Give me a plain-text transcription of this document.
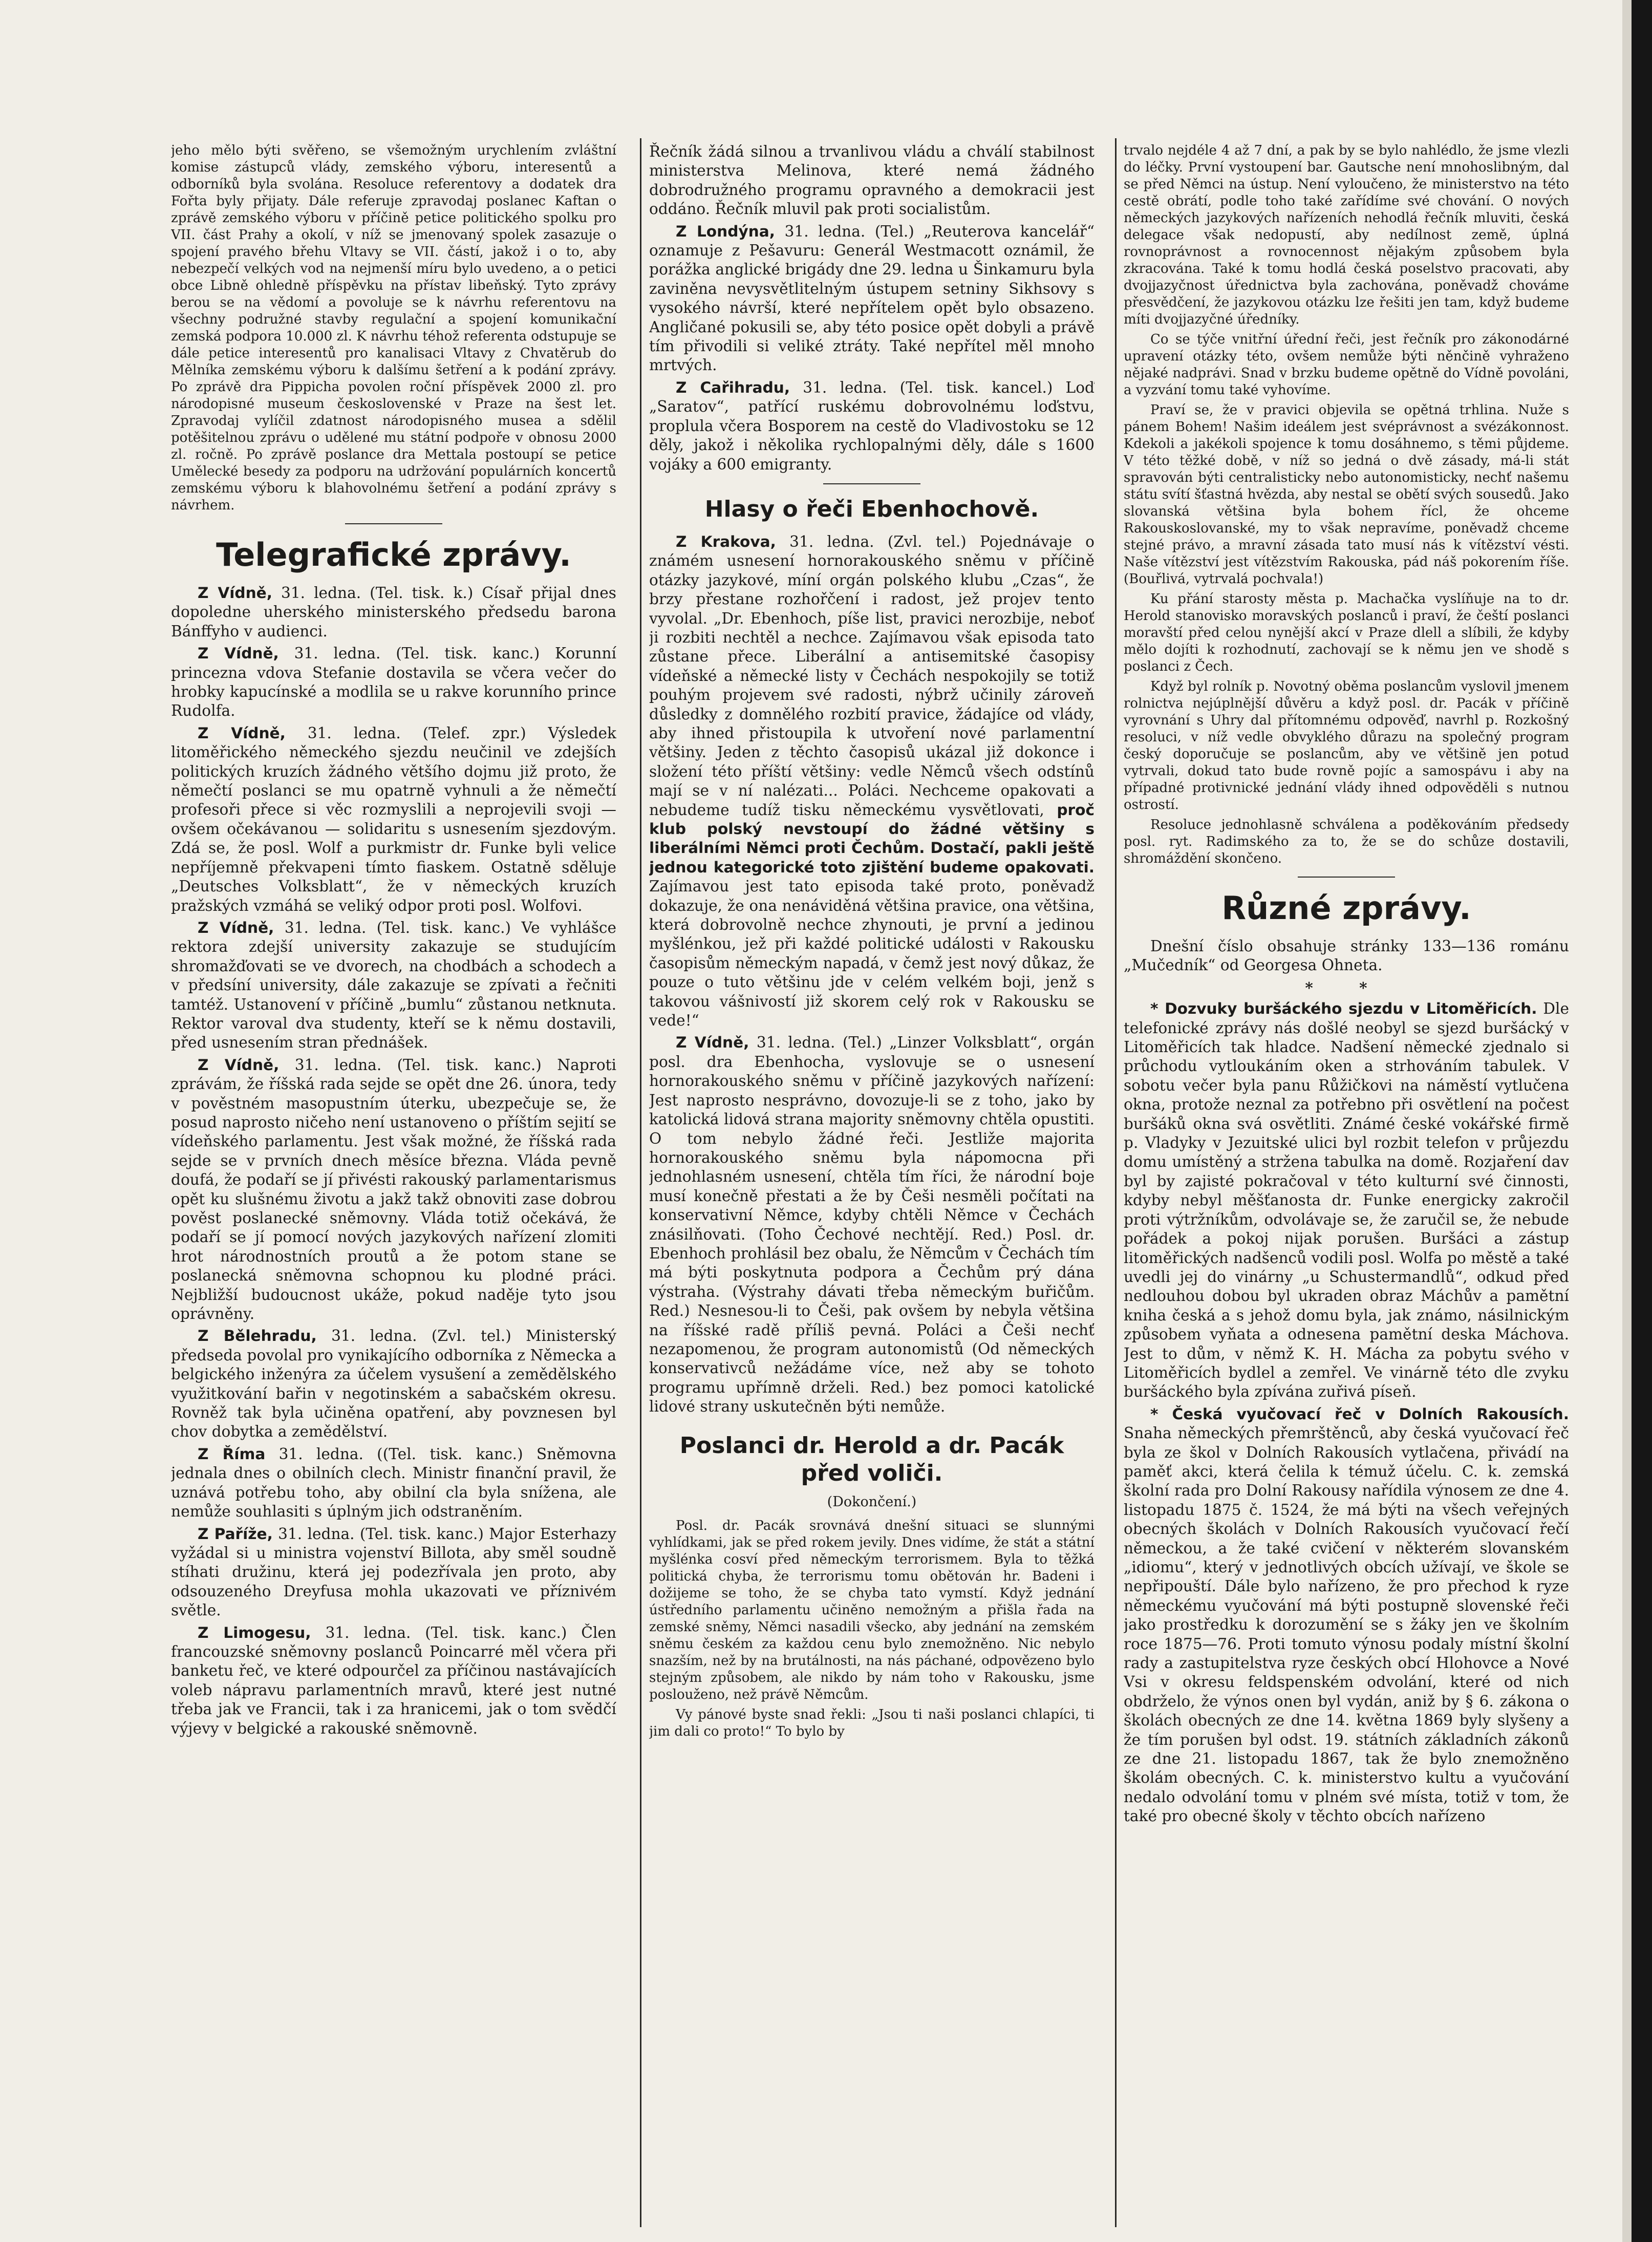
jeho mělo býti svěřeno, se všemožným urychlením zvláštní komise zástupců vlády, zemského výboru, interesentů a odborníků byla svolána. Resoluce referentovy a dodatek dra Fořta byly přijaty. Dále referuje zpravodaj poslanec Kaftan o zprávě zemského výboru v příčině petice politického spolku pro VII. část Prahy a okolí, v níž se jmenovaný spolek zasazuje o spojení pravého břehu Vltavy se VII. částí, jakož i o to, aby nebezpečí velkých vod na nejmenší míru bylo uvedeno, a o petici obce Libně ohledně příspěvku na přístav libeňský. Tyto zprávy berou se na vědomí a povoluje se k návrhu referentovu na všechny podružné stavby regulační a spojení komunikační zemská podpora 10.000 zl. K návrhu téhož referenta odstupuje se dále petice interesentů pro kanalisaci Vltavy z Chvatěrub do Mělníka zemskému výboru k dalšímu šetření a k podání zprávy. Po zprávě dra Pippicha povolen roční příspěvek 2000 zl. pro národopisné museum československé v Praze na šest let. Zpravodaj vylíčil zdatnost národopisného musea a sdělil potěšitelnou zprávu o udělené mu státní podpoře v obnosu 2000 zl. ročně. Po zprávě poslance dra Mettala postoupí se petice Umělecké besedy za podporu na udržování populárních koncertů zemskému výboru k blahovolnému šetření a podání zprávy s návrhem.

Telegrafické zprávy.

Z Vídně, 31. ledna. (Tel. tisk. k.) Císař přijal dnes dopoledne uherského ministerského předsedu barona Bánffyho v audienci.

Z Vídně, 31. ledna. (Tel. tisk. kanc.) Korunní princezna vdova Stefanie dostavila se včera večer do hrobky kapucínské a modlila se u rakve korunního prince Rudolfa.

Z Vídně, 31. ledna. (Telef. zpr.) Výsledek litoměřického německého sjezdu neučinil ve zdejších politických kruzích žádného většího dojmu již proto, že němečtí poslanci se mu opatrně vyhnuli a že němečtí profesoři přece si věc rozmyslili a neprojevili svoji — ovšem očekávanou — solidaritu s usnesením sjezdovým. Zdá se, že posl. Wolf a purkmistr dr. Funke byli velice nepříjemně překvapeni tímto fiaskem. Ostatně sděluje „Deutsches Volksblatt“, že v německých kruzích pražských vzmáhá se veliký odpor proti posl. Wolfovi.

Z Vídně, 31. ledna. (Tel. tisk. kanc.) Ve vyhlášce rektora zdejší university zakazuje se studujícím shromažďovati se ve dvorech, na chodbách a schodech a v předsíní university, dále zakazuje se zpívati a řečniti tamtéž. Ustanovení v příčině „bumlu“ zůstanou netknuta. Rektor varoval dva studenty, kteří se k němu dostavili, před usnesením stran přednášek.

Z Vídně, 31. ledna. (Tel. tisk. kanc.) Naproti zprávám, že říšská rada sejde se opět dne 26. února, tedy v pověstném masopustním úterku, ubezpečuje se, že posud naprosto ničeho není ustanoveno o příštím sejití se vídeňského parlamentu. Jest však možné, že říšská rada sejde se v prvních dnech měsíce března. Vláda pevně doufá, že podaří se jí přivésti rakouský parlamentarismus opět ku slušnému životu a jakž takž obnoviti zase dobrou pověst poslanecké sněmovny. Vláda totiž očekává, že podaří se jí pomocí nových jazykových nařízení zlomiti hrot národnostních proutů a že potom stane se poslanecká sněmovna schopnou ku plodné práci. Nejbližší budoucnost ukáže, pokud naděje tyto jsou oprávněny.

Z Bělehradu, 31. ledna. (Zvl. tel.) Ministerský předseda povolal pro vynikajícího odborníka z Německa a belgického inženýra za účelem vysušení a zemědělského využitkování bařin v negotinském a sabačském okresu. Rovněž tak byla učiněna opatření, aby povznesen byl chov dobytka a zemědělství.

Z Říma 31. ledna. ((Tel. tisk. kanc.) Sněmovna jednala dnes o obilních clech. Ministr finanční pravil, že uznává potřebu toho, aby obilní cla byla snížena, ale nemůže souhlasiti s úplným jich odstraněním.

Z Paříže, 31. ledna. (Tel. tisk. kanc.) Major Esterhazy vyžádal si u ministra vojenství Billota, aby směl soudně stíhati družinu, která jej podezřívala jen proto, aby odsouzeného Dreyfusa mohla ukazovati ve příznivém světle.

Z Limogesu, 31. ledna. (Tel. tisk. kanc.) Člen francouzské sněmovny poslanců Poincarré měl včera při banketu řeč, ve které odpourčel za příčinou nastávajících voleb nápravu parlamentních mravů, které jest nutné třeba jak ve Francii, tak i za hranicemi, jak o tom svědčí výjevy v belgické a rakouské sněmovně.

Řečník žádá silnou a trvanlivou vládu a chválí stabilnost ministerstva Melinova, které nemá žádného dobrodružného programu opravného a demokracii jest oddáno. Řečník mluvil pak proti socialistům.

Z Londýna, 31. ledna. (Tel.) „Reuterova kancelář“ oznamuje z Pešavuru: Generál Westmacott oznámil, že porážka anglické brigády dne 29. ledna u Šinkamuru byla zaviněna nevysvětlitelným ústupem setniny Sikhsovy s vysokého návrší, které nepřítelem opět bylo obsazeno. Angličané pokusili se, aby této posice opět dobyli a právě tím přivodili si veliké ztráty. Také nepřítel měl mnoho mrtvých.

Z Cařihradu, 31. ledna. (Tel. tisk. kancel.) Loď „Saratov“, patřící ruskému dobrovolnému loďstvu, proplula včera Bosporem na cestě do Vladivostoku se 12 děly, jakož i několika rychlopalnými děly, dále s 1600 vojáky a 600 emigranty.

Hlasy o řeči Ebenhochově.

Z Krakova, 31. ledna. (Zvl. tel.) Pojednávaje o známém usnesení hornorakouského sněmu v příčině otázky jazykové, míní orgán polského klubu „Czas“, že brzy přestane rozhořčení i radost, jež projev tento vyvolal. „Dr. Ebenhoch, píše list, pravici nerozbije, neboť ji rozbiti nechtěl a nechce. Zajímavou však episoda tato zůstane přece. Liberální a antisemitské časopisy vídeňské a německé listy v Čechách nespokojily se totiž pouhým projevem své radosti, nýbrž učinily zároveň důsledky z domnělého rozbití pravice, žádajíce od vlády, aby ihned přistoupila k utvoření nové parlamentní většiny. Jeden z těchto časopisů ukázal již dokonce i složení této příští většiny: vedle Němců všech odstínů mají se v ní nalézati... Poláci. Nechceme opakovati a nebudeme tudíž tisku německému vysvětlovati, proč klub polský nevstoupí do žádné většiny s liberálními Němci proti Čechům. Dostačí, pakli ještě jednou kategorické toto zjištění budeme opakovati. Zajímavou jest tato episoda také proto, poněvadž dokazuje, že ona nenáviděná většina pravice, ona většina, která dobrovolně nechce zhynouti, je první a jedinou myšlénkou, jež při každé politické události v Rakousku časopisům německým napadá, v čemž jest nový důkaz, že pouze o tuto většinu jde v celém velkém boji, jenž s takovou vášnivostí již skorem celý rok v Rakousku se vede!“

Z Vídně, 31. ledna. (Tel.) „Linzer Volksblatt“, orgán posl. dra Ebenhocha, vyslovuje se o usnesení hornorakouského sněmu v příčině jazykových nařízení: Jest naprosto nesprávno, dovozuje-li se z toho, jako by katolická lidová strana majority sněmovny chtěla opustiti. O tom nebylo žádné řeči. Jestliže majorita hornorakouského sněmu byla nápomocna při jednohlasném usnesení, chtěla tím říci, že národní boje musí konečně přestati a že by Češi nesměli počítati na konservativní Němce, kdyby chtěli Němce v Čechách znásilňovati. (Toho Čechové nechtějí. Red.) Posl. dr. Ebenhoch prohlásil bez obalu, že Němcům v Čechách tím má býti poskytnuta podpora a Čechům prý dána výstraha. (Výstrahy dávati třeba německým buřičům. Red.) Nesnesou-li to Češi, pak ovšem by nebyla většina na říšské radě příliš pevná. Poláci a Češi nechť nezapomenou, že program autonomistů (Od německých konservativců nežádáme více, než aby se tohoto programu upřímně drželi. Red.) bez pomoci katolické lidové strany uskutečněn býti nemůže.

Poslanci dr. Herold a dr. Pacák před voliči.
(Dokončení.)

Posl. dr. Pacák srovnává dnešní situaci se slunnými vyhlídkami, jak se před rokem jevily. Dnes vidíme, že stát a státní myšlénka cosví před německým terrorismem. Byla to těžká politická chyba, že terrorismu tomu obětován hr. Badeni i dožijeme se toho, že se chyba tato vymstí. Když jednání ústředního parlamentu učiněno nemožným a přišla řada na zemské sněmy, Němci nasadili všecko, aby jednání na zemském sněmu českém za každou cenu bylo znemožněno. Nic nebylo snazším, než by na brutálnosti, na nás páchané, odpovězeno bylo stejným způsobem, ale nikdo by nám toho v Rakousku, jsme poslouženo, než právě Němcům.

Vy pánové byste snad řekli: „Jsou ti naši poslanci chlapíci, ti jim dali co proto!“ To bylo by

trvalo nejdéle 4 až 7 dní, a pak by se bylo nahlédlo, že jsme vlezli do léčky. První vystoupení bar. Gautsche není mnohoslibným, dal se před Němci na ústup. Není vyloučeno, že ministerstvo na této cestě obrátí, podle toho také zařídíme své chování. O nových německých jazykových nařízeních nehodlá řečník mluviti, česká delegace však nedopustí, aby nedílnost země, úplná rovnoprávnost a rovnocennost nějakým způsobem byla zkracována. Také k tomu hodlá česká poselstvo pracovati, aby dvojjazyčnost úřednictva byla zachována, poněvadž chováme přesvědčení, že jazykovou otázku lze řešiti jen tam, když budeme míti dvojjazyčné úředníky.

Co se týče vnitřní úřední řeči, jest řečník pro zákonodárné upravení otázky této, ovšem nemůže býti něnčině vyhraženo nějaké nadprávi. Snad v brzku budeme opětně do Vídně povoláni, a vyzvání tomu také vyhovíme.

Praví se, že v pravici objevila se opětná trhlina. Nuže s pánem Bohem! Našim ideálem jest svéprávnost a svézákonnost. Kdekoli a jakékoli spojence k tomu dosáhnemo, s těmi půjdeme. V této těžké době, v níž so jedná o dvě zásady, má-li stát spravován býti centralisticky nebo autonomisticky, nechť našemu státu svítí šťastná hvězda, aby nestal se obětí svých sousedů. Jako slovanská většina byla bohem řícl, že ohceme Rakouskoslovanské, my to však nepravíme, poněvadž chceme stejné právo, a mravní zásada tato musí nás k vítězství vésti. Naše vítězství jest vítězstvím Rakouska, pád náš pokorením říše. (Bouřlivá, vytrvalá pochvala!)

Ku přání starosty města p. Machačka vyslíňuje na to dr. Herold stanovisko moravských poslanců i praví, že čeští poslanci moravští před celou nynější akcí v Praze dlell a slíbili, že kdyby mělo dojíti k rozhodnutí, zachovají se k němu jen ve shodě s poslanci z Čech.

Když byl rolník p. Novotný oběma poslancům vyslovil jmenem rolnictva nejúplnější důvěru a když posl. dr. Pacák v příčině vyrovnání s Uhry dal přítomnému odpověď, navrhl p. Rozkošný resoluci, v níž vedle obvyklého důrazu na společný program český doporučuje se poslancům, aby ve většině jen potud vytrvali, dokud tato bude rovně pojíc a samospávu i aby na případné protivnické jednání vlády ihned odpověděli s nutnou ostrostí.

Resoluce jednohlasně schválena a poděkováním předsedy posl. ryt. Radimského za to, že se do schůze dostavili, shromáždění skončeno.

Různé zprávy.

Dnešní číslo obsahuje stránky 133—136 románu „Mučedník“ od Georgesa Ohneta.

* *

* Dozvuky buršáckého sjezdu v Litoměřicích. Dle telefonické zprávy nás došlé neobyl se sjezd buršácký v Litoměřicích tak hladce. Nadšení německé zjednalo si průchodu vytloukáním oken a strhováním tabulek. V sobotu večer byla panu Růžičkovi na náměstí vytlučena okna, protože neznal za potřebno při osvětlení na počest buršáků okna svá osvětliti. Známé české vokářské firmě p. Vladyky v Jezuitské ulici byl rozbit telefon v průjezdu domu umístěný a stržena tabulka na domě. Rozjaření dav byl by zajisté pokračoval v této kulturní své činnosti, kdyby nebyl měšťanosta dr. Funke energicky zakročil proti výtržníkům, odvolávaje se, že zaručil se, že nebude pořádek a pokoj nijak porušen. Buršáci a zástup litoměřických nadšenců vodili posl. Wolfa po městě a také uvedli jej do vinárny „u Schustermandlů“, odkud před nedlouhou dobou byl ukraden obraz Máchův a pamětní kniha česká a s jehož domu byla, jak známo, násilnickým způsobem vyňata a odnesena pamětní deska Máchova. Jest to dům, v němž K. H. Mácha za pobytu svého v Litoměřicích bydlel a zemřel. Ve vinárně této dle zvyku buršáckého byla zpívána zuřivá píseň.

* Česká vyučovací řeč v Dolních Rakousích. Snaha německých přemrštěnců, aby česká vyučovací řeč byla ze škol v Dolních Rakousích vytlačena, přivádí na paměť akci, která čelila k témuž účelu. C. k. zemská školní rada pro Dolní Rakousy nařídila výnosem ze dne 4. listopadu 1875 č. 1524, že má býti na všech veřejných obecných školách v Dolních Rakousích vyučovací řečí německou, a že také cvičení v některém slovanském „idiomu“, který v jednotlivých obcích užívají, ve škole se nepřipouští. Dále bylo nařízeno, že pro přechod k ryze německému vyučování má býti postupně slovenské řeči jako prostředku k dorozumění se s žáky jen ve školním roce 1875—76. Proti tomuto výnosu podaly místní školní rady a zastupitelstva ryze českých obcí Hlohovce a Nové Vsi v okresu feldspenském odvolání, které od nich obdrželo, že výnos onen byl vydán, aniž by § 6. zákona o školách obecných ze dne 14. května 1869 byly slyšeny a že tím porušen byl odst. 19. státních základních zákonů ze dne 21. listopadu 1867, tak že bylo znemožněno školám obecných. C. k. ministerstvo kultu a vyučování nedalo odvolání tomu v plném své místa, totiž v tom, že také pro obecné školy v těchto obcích nařízeno
